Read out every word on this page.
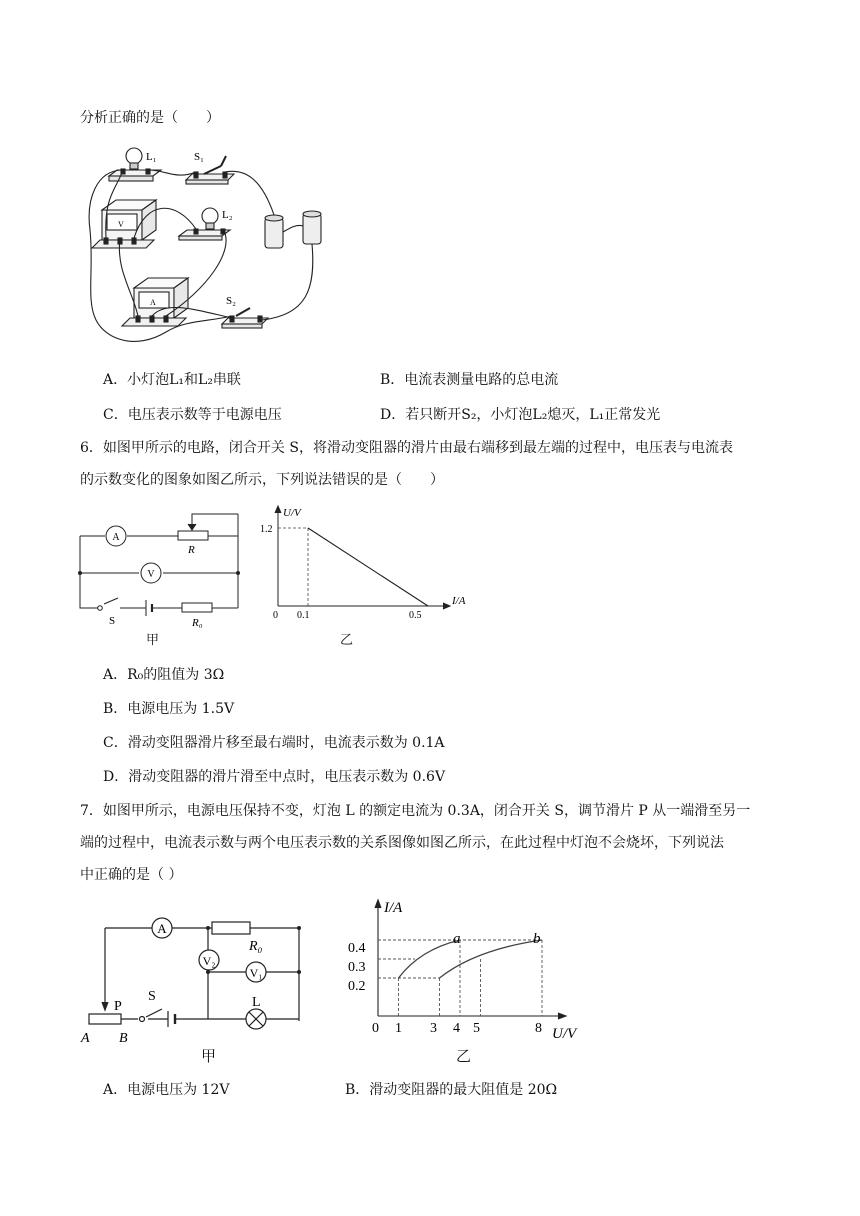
分析正确的是（　　）
L₁	S₁
L₂
S₂
V
A
A．小灯泡L₁和L₂串联	B．电流表测量电路的总电流
C．电压表示数等于电源电压	D．若只断开S₂，小灯泡L₂熄灭，L₁正常发光
6．如图甲所示的电路，闭合开关 S，将滑动变阻器的滑片由最右端移到最左端的过程中，电压表与电流表
的示数变化的图象如图乙所示，下列说法错误的是（　　）
A
V
R
S	R₀
甲
U/V
I/A
1.2
0 0.1	0.5
乙
A．R₀的阻值为 3Ω
B．电源电压为 1.5V
C．滑动变阻器滑片移至最右端时，电流表示数为 0.1A
D．滑动变阻器的滑片滑至中点时，电压表示数为 0.6V
7．如图甲所示，电源电压保持不变，灯泡 L 的额定电流为 0.3A，闭合开关 S，调节滑片 P 从一端滑至另一
端的过程中，电流表示数与两个电压表示数的关系图像如图乙所示，在此过程中灯泡不会烧坏，下列说法
中正确的是（ ）
A
V₂
V₁
R₀
L
P
S
A B
甲
I/A
U/V
0.4
0.3
0.2
0 1 3 4 5	8
a	b
乙
A．电源电压为 12V	B．滑动变阻器的最大阻值是 20Ω
